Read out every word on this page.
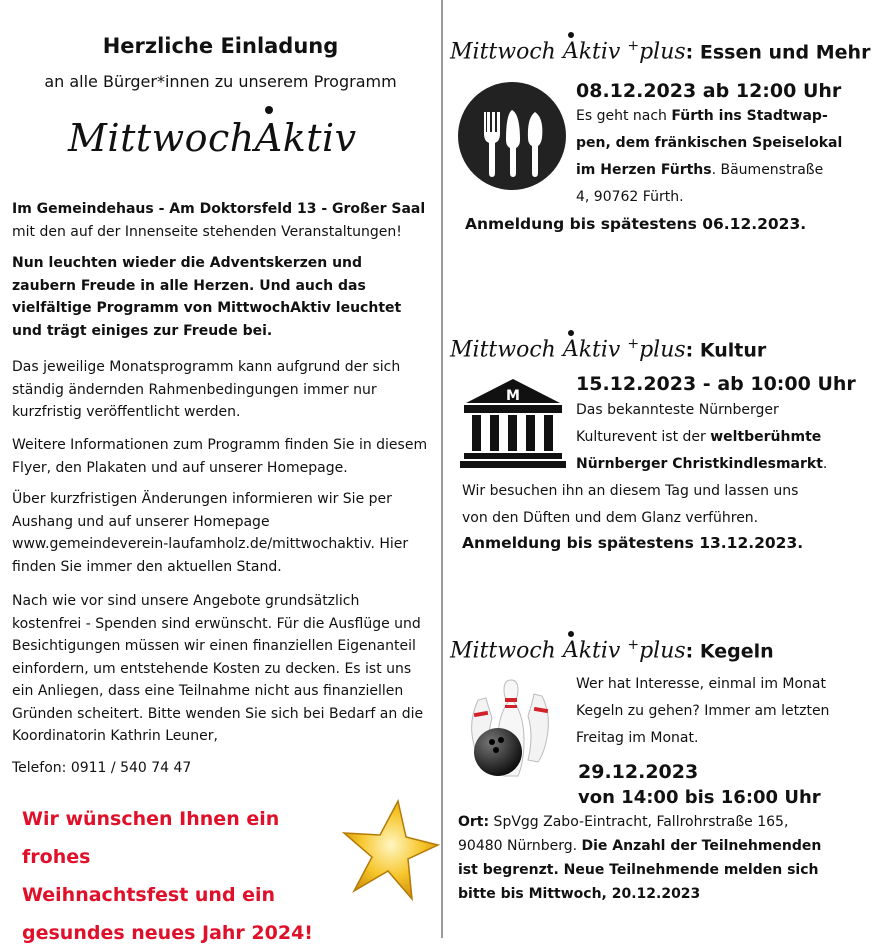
Herzliche Einladung
an alle Bürger*innen zu unserem Programm
MittwochAktiv
Im Gemeindehaus - Am Doktorsfeld 13 - Großer Saal
mit den auf der Innenseite stehenden Veranstaltungen!
Nun leuchten wieder die Adventskerzen und zaubern Freude in alle Herzen. Und auch das vielfältige Programm von MittwochAktiv leuchtet und trägt einiges zur Freude bei.
Das jeweilige Monatsprogramm kann aufgrund der sich ständig ändernden Rahmenbedingungen immer nur kurzfristig veröffentlicht werden.
Weitere Informationen zum Programm finden Sie in diesem Flyer, den Plakaten und auf unserer Homepage.
Über kurzfristigen Änderungen informieren wir Sie per Aushang und auf unserer Homepage www.gemeindeverein-laufamholz.de/mittwochaktiv. Hier finden Sie immer den aktuellen Stand.
Nach wie vor sind unsere Angebote grundsätzlich kostenfrei - Spenden sind erwünscht. Für die Ausflüge und Besichtigungen müssen wir einen finanziellen Eigenanteil einfordern, um entstehende Kosten zu decken. Es ist uns ein Anliegen, dass eine Teilnahme nicht aus finanziellen Gründen scheitert. Bitte wenden Sie sich bei Bedarf an die Koordinatorin Kathrin Leuner,
Telefon: 0911 / 540 74 47
Wir wünschen Ihnen ein frohes
Weihnachtsfest und ein
gesundes neues Jahr 2024!
Mittwoch Aktiv +plus: Essen und Mehr
08.12.2023 ab 12:00 Uhr
Es geht nach Fürth ins Stadtwap-
pen, dem fränkischen Speiselokal
im Herzen Fürths. Bäumenstraße
4, 90762 Fürth.
Anmeldung bis spätestens 06.12.2023.
Mittwoch Aktiv +plus: Kultur
M
15.12.2023 - ab 10:00 Uhr
Das bekannteste Nürnberger
Kulturevent ist der weltberühmte
Nürnberger Christkindlesmarkt.
Wir besuchen ihn an diesem Tag und lassen uns
von den Düften und dem Glanz verführen.
Anmeldung bis spätestens 13.12.2023.
Mittwoch Aktiv +plus: Kegeln
Wer hat Interesse, einmal im Monat
Kegeln zu gehen? Immer am letzten
Freitag im Monat.
29.12.2023
von 14:00 bis 16:00 Uhr
Ort: SpVgg Zabo-Eintracht, Fallrohrstraße 165,
90480 Nürnberg. Die Anzahl der Teilnehmenden
ist begrenzt. Neue Teilnehmende melden sich
bitte bis Mittwoch, 20.12.2023
